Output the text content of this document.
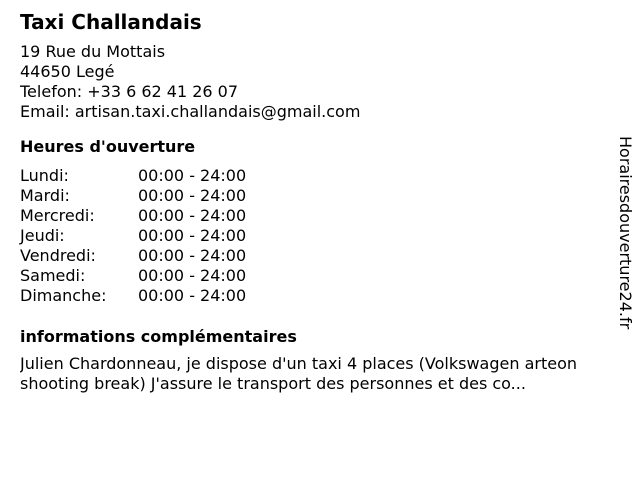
Taxi Challandais
19 Rue du Mottais
44650 Legé
Telefon: +33 6 62 41 26 07
Email: artisan.taxi.challandais@gmail.com
Heures d'ouverture
Lundi:	00:00 - 24:00
Mardi:	00:00 - 24:00
Mercredi:	00:00 - 24:00
Jeudi:	00:00 - 24:00
Vendredi:	00:00 - 24:00
Samedi:	00:00 - 24:00
Dimanche:	00:00 - 24:00
informations complémentaires

Julien Chardonneau, je dispose d'un taxi 4 places (Volkswagen arteon shooting break) J'assure le transport des personnes et des co...

Horairesdouverture24.fr
